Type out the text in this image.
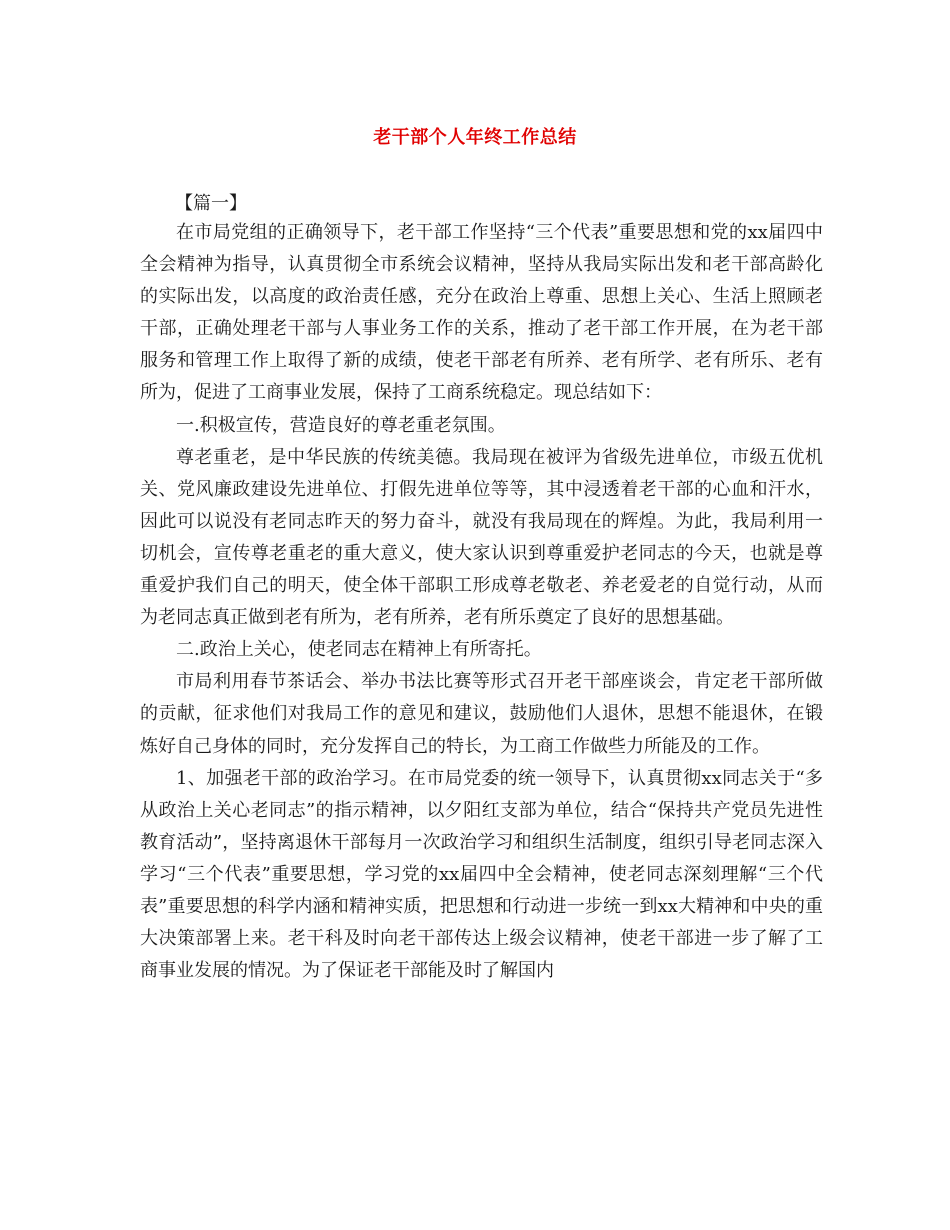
老干部个人年终工作总结
【篇一】

在市局党组的正确领导下，老干部工作坚持“三个代表”重要思想和党的xx届四中全会精神为指导，认真贯彻全市系统会议精神，坚持从我局实际出发和老干部高龄化的实际出发，以高度的政治责任感，充分在政治上尊重、思想上关心、生活上照顾老干部，正确处理老干部与人事业务工作的关系，推动了老干部工作开展，在为老干部服务和管理工作上取得了新的成绩，使老干部老有所养、老有所学、老有所乐、老有所为，促进了工商事业发展，保持了工商系统稳定。现总结如下：

一.积极宣传，营造良好的尊老重老氛围。

尊老重老，是中华民族的传统美德。我局现在被评为省级先进单位，市级五优机关、党风廉政建设先进单位、打假先进单位等等，其中浸透着老干部的心血和汗水，因此可以说没有老同志昨天的努力奋斗，就没有我局现在的辉煌。为此，我局利用一切机会，宣传尊老重老的重大意义，使大家认识到尊重爱护老同志的今天，也就是尊重爱护我们自己的明天，使全体干部职工形成尊老敬老、养老爱老的自觉行动，从而为老同志真正做到老有所为，老有所养，老有所乐奠定了良好的思想基础。

二.政治上关心，使老同志在精神上有所寄托。

市局利用春节茶话会、举办书法比赛等形式召开老干部座谈会，肯定老干部所做的贡献，征求他们对我局工作的意见和建议，鼓励他们人退休，思想不能退休，在锻炼好自己身体的同时，充分发挥自己的特长，为工商工作做些力所能及的工作。

1、加强老干部的政治学习。在市局党委的统一领导下，认真贯彻xx同志关于“多从政治上关心老同志”的指示精神，以夕阳红支部为单位，结合“保持共产党员先进性教育活动”，坚持离退休干部每月一次政治学习和组织生活制度，组织引导老同志深入学习“三个代表”重要思想，学习党的xx届四中全会精神，使老同志深刻理解“三个代表”重要思想的科学内涵和精神实质，把思想和行动进一步统一到xx大精神和中央的重大决策部署上来。老干科及时向老干部传达上级会议精神，使老干部进一步了解了工商事业发展的情况。为了保证老干部能及时了解国内
